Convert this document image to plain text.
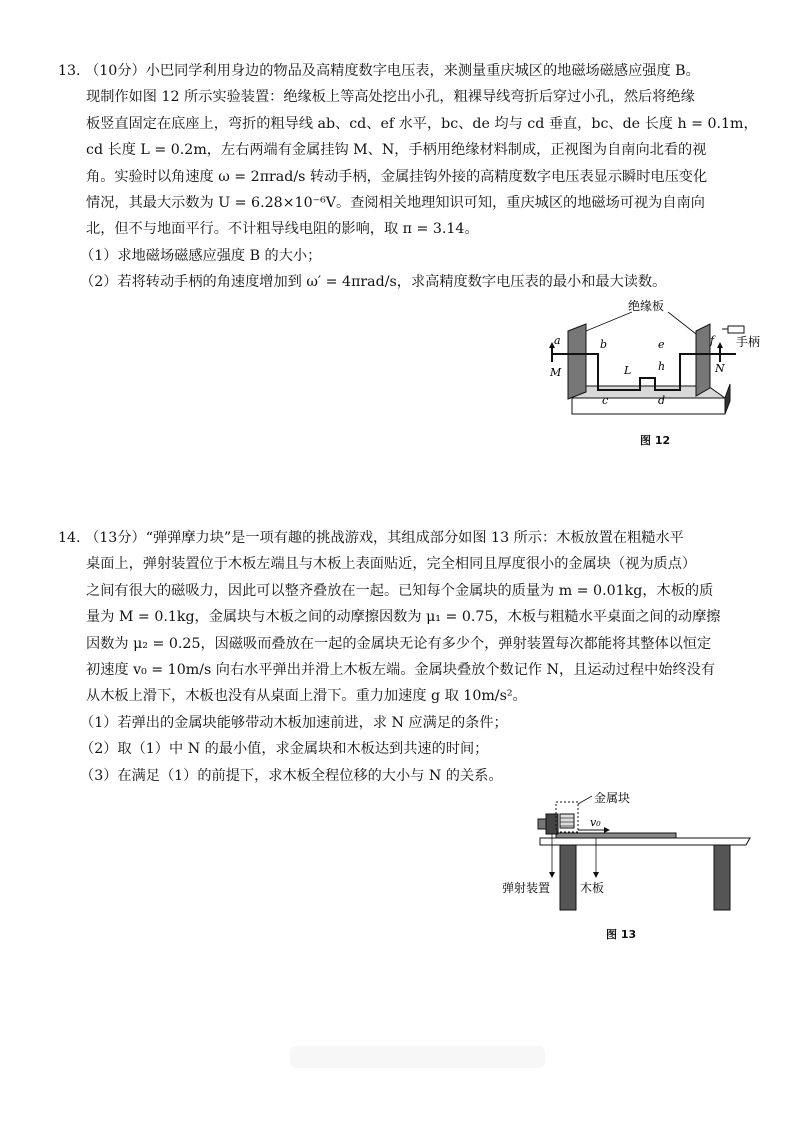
13. （10分）小巴同学利用身边的物品及高精度数字电压表，来测量重庆城区的地磁场磁感应强度 B。

现制作如图 12 所示实验装置：绝缘板上等高处挖出小孔，粗裸导线弯折后穿过小孔，然后将绝缘

板竖直固定在底座上，弯折的粗导线 ab、cd、ef 水平，bc、de 均与 cd 垂直，bc、de 长度 h = 0.1m，

cd 长度 L = 0.2m，左右两端有金属挂钩 M、N，手柄用绝缘材料制成，正视图为自南向北看的视

角。实验时以角速度 ω = 2πrad/s 转动手柄，金属挂钩外接的高精度数字电压表显示瞬时电压变化

情况，其最大示数为 U = 6.28×10⁻⁶V。查阅相关地理知识可知，重庆城区的地磁场可视为自南向

北，但不与地面平行。不计粗导线电阻的影响，取 π = 3.14。

（1）求地磁场磁感应强度 B 的大小；

（2）若将转动手柄的角速度增加到 ω′ = 4πrad/s，求高精度数字电压表的最小和最大读数。

绝缘板
手柄
a	b
c	d
e	f
M	N
L h
图 12

14. （13分）“弹弹摩力块”是一项有趣的挑战游戏，其组成部分如图 13 所示：木板放置在粗糙水平

桌面上，弹射装置位于木板左端且与木板上表面贴近，完全相同且厚度很小的金属块（视为质点）

之间有很大的磁吸力，因此可以整齐叠放在一起。已知每个金属块的质量为 m = 0.01kg，木板的质

量为 M = 0.1kg，金属块与木板之间的动摩擦因数为 μ₁ = 0.75，木板与粗糙水平桌面之间的动摩擦

因数为 μ₂ = 0.25，因磁吸而叠放在一起的金属块无论有多少个，弹射装置每次都能将其整体以恒定

初速度 v₀ = 10m/s 向右水平弹出并滑上木板左端。金属块叠放个数记作 N，且运动过程中始终没有

从木板上滑下，木板也没有从桌面上滑下。重力加速度 g 取 10m/s²。

（1）若弹出的金属块能够带动木板加速前进，求 N 应满足的条件；

（2）取（1）中 N 的最小值，求金属块和木板达到共速的时间；

（3）在满足（1）的前提下，求木板全程位移的大小与 N 的关系。

v₀
金属块
弹射装置 木板
图 13
